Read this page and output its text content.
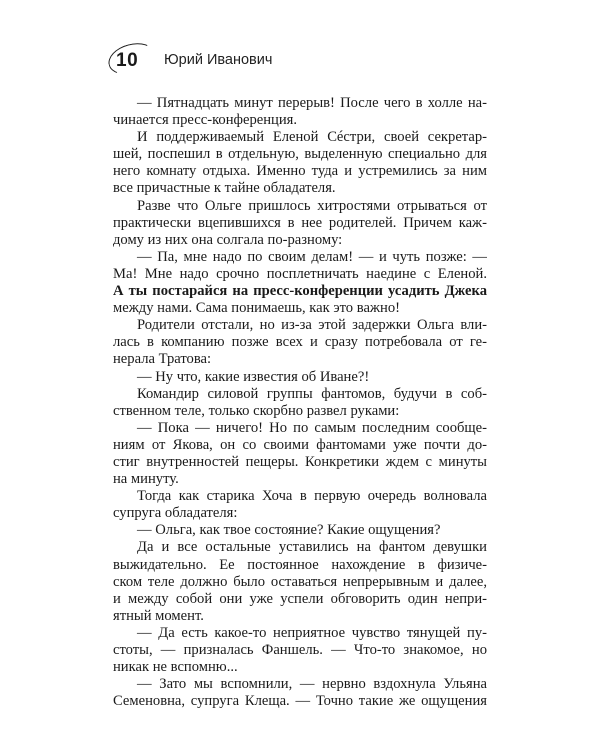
10 Юрий Иванович
— Пятнадцать минут перерыв! После чего в холле на-
чинается пресс-конференция.
И поддерживаемый Еленой Сéстри, своей секретар-
шей, поспешил в отдельную, выделенную специально для
него комнату отдыха. Именно туда и устремились за ним
все причастные к тайне обладателя.
Разве что Ольге пришлось хитростями отрываться от
практически вцепившихся в нее родителей. Причем каж-
дому из них она солгала по-разному:
— Па, мне надо по своим делам! — и чуть позже: —
Ма! Мне надо срочно посплетничать наедине с Еленой.
А ты постарайся на пресс-конференции усадить Джека
между нами. Сама понимаешь, как это важно!
Родители отстали, но из-за этой задержки Ольга вли-
лась в компанию позже всех и сразу потребовала от ге-
нерала Тратова:
— Ну что, какие известия об Иване?!
Командир силовой группы фантомов, будучи в соб-
ственном теле, только скорбно развел руками:
— Пока — ничего! Но по самым последним сообще-
ниям от Якова, он со своими фантомами уже почти до-
стиг внутренностей пещеры. Конкретики ждем с минуты
на минуту.
Тогда как старика Хоча в первую очередь волновала
супруга обладателя:
— Ольга, как твое состояние? Какие ощущения?
Да и все остальные уставились на фантом девушки
выжидательно. Ее постоянное нахождение в физиче-
ском теле должно было оставаться непрерывным и далее,
и между собой они уже успели обговорить один непри-
ятный момент.
— Да есть какое-то неприятное чувство тянущей пу-
стоты, — призналась Фаншель. — Что-то знакомое, но
никак не вспомню...
— Зато мы вспомнили, — нервно вздохнула Ульяна
Семеновна, супруга Клеща. — Точно такие же ощущения
